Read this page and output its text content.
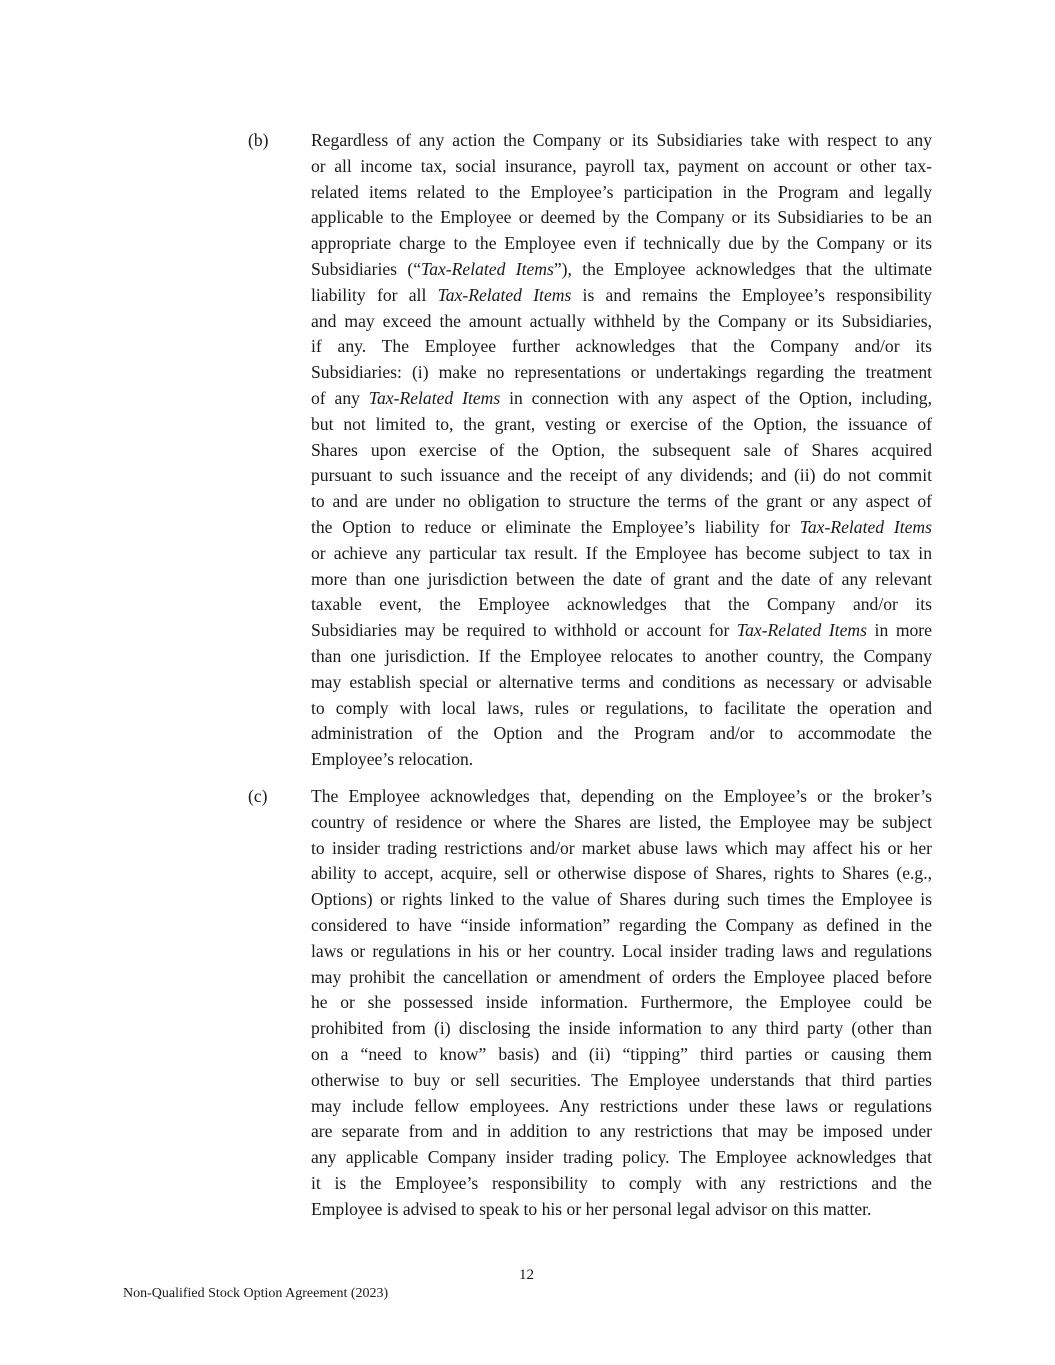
(b) Regardless of any action the Company or its Subsidiaries take with respect to any
or all income tax, social insurance, payroll tax, payment on account or other tax-
related items related to the Employee’s participation in the Program and legally
applicable to the Employee or deemed by the Company or its Subsidiaries to be an
appropriate charge to the Employee even if technically due by the Company or its
Subsidiaries (“Tax-Related Items”), the Employee acknowledges that the ultimate
liability for all Tax-Related Items is and remains the Employee’s responsibility
and may exceed the amount actually withheld by the Company or its Subsidiaries,
if any. The Employee further acknowledges that the Company and/or its
Subsidiaries: (i) make no representations or undertakings regarding the treatment
of any Tax-Related Items in connection with any aspect of the Option, including,
but not limited to, the grant, vesting or exercise of the Option, the issuance of
Shares upon exercise of the Option, the subsequent sale of Shares acquired
pursuant to such issuance and the receipt of any dividends; and (ii) do not commit
to and are under no obligation to structure the terms of the grant or any aspect of
the Option to reduce or eliminate the Employee’s liability for Tax-Related Items
or achieve any particular tax result. If the Employee has become subject to tax in
more than one jurisdiction between the date of grant and the date of any relevant
taxable event, the Employee acknowledges that the Company and/or its
Subsidiaries may be required to withhold or account for Tax-Related Items in more
than one jurisdiction. If the Employee relocates to another country, the Company
may establish special or alternative terms and conditions as necessary or advisable
to comply with local laws, rules or regulations, to facilitate the operation and
administration of the Option and the Program and/or to accommodate the
Employee’s relocation.
(c) The Employee acknowledges that, depending on the Employee’s or the broker’s
country of residence or where the Shares are listed, the Employee may be subject
to insider trading restrictions and/or market abuse laws which may affect his or her
ability to accept, acquire, sell or otherwise dispose of Shares, rights to Shares (e.g.,
Options) or rights linked to the value of Shares during such times the Employee is
considered to have “inside information” regarding the Company as defined in the
laws or regulations in his or her country. Local insider trading laws and regulations
may prohibit the cancellation or amendment of orders the Employee placed before
he or she possessed inside information. Furthermore, the Employee could be
prohibited from (i) disclosing the inside information to any third party (other than
on a “need to know” basis) and (ii) “tipping” third parties or causing them
otherwise to buy or sell securities. The Employee understands that third parties
may include fellow employees. Any restrictions under these laws or regulations
are separate from and in addition to any restrictions that may be imposed under
any applicable Company insider trading policy. The Employee acknowledges that
it is the Employee’s responsibility to comply with any restrictions and the
Employee is advised to speak to his or her personal legal advisor on this matter.
12
Non-Qualified Stock Option Agreement (2023)
